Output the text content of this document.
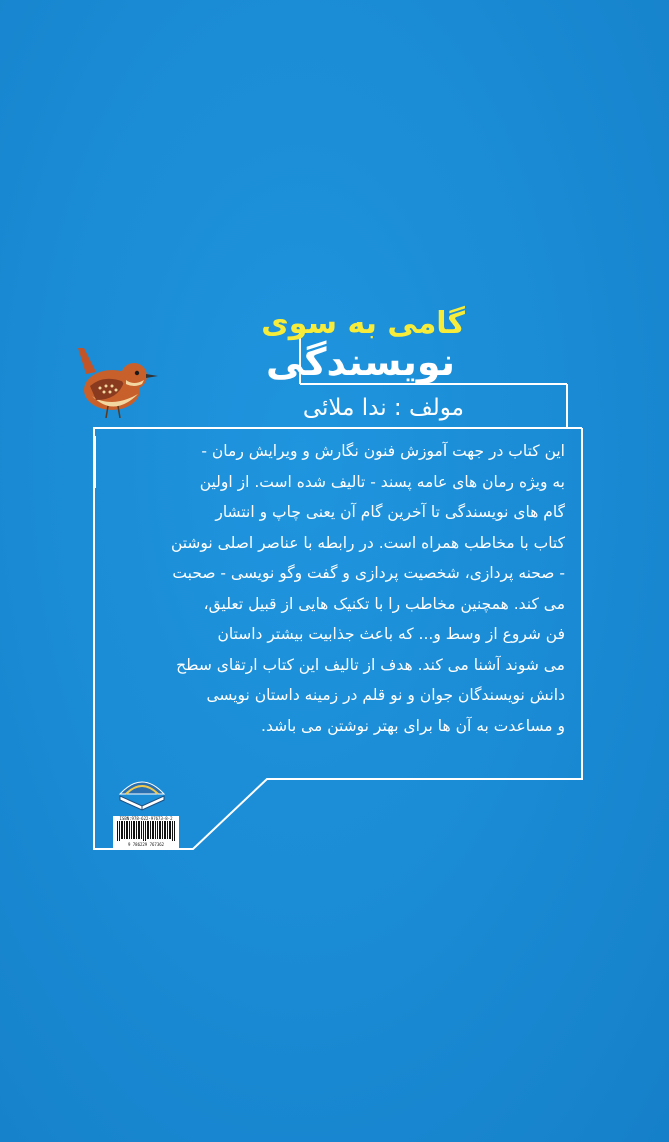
گامی به سوی
نویسندگی
مولف : ندا ملائی
این کتاب در جهت آموزش فنون نگارش و ویرایش رمان -
به ویژه رمان های عامه پسند - تالیف شده است. از اولین
گام های نویسندگی تا آخرین گام آن یعنی چاپ و انتشار
کتاب با مخاطب همراه است. در رابطه با عناصر اصلی نوشتن
- صحنه پردازی، شخصیت پردازی و گفت وگو نویسی - صحبت
می کند. همچنین مخاطب را با تکنیک هایی از قبیل تعلیق،
فن شروع از وسط و... که باعث جذابیت بیشتر داستان
می شوند آشنا می کند. هدف از تالیف این کتاب ارتقای سطح
دانش نویسندگان جوان و نو قلم در زمینه داستان نویسی
و مساعدت به آن ها برای بهتر نوشتن می باشد.
ISBN:978-622-97673-8-2
9 786229 767362
